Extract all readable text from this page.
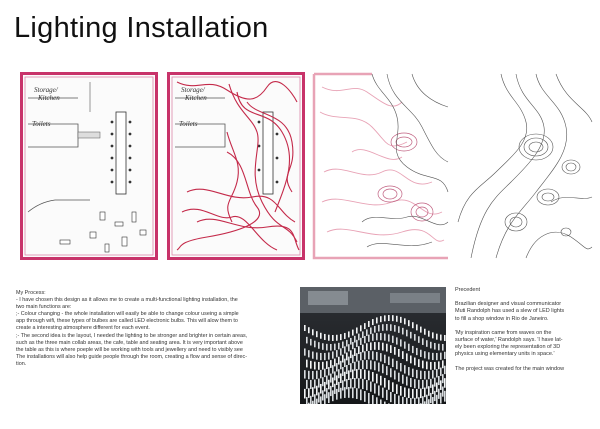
Lighting Installation
Storage/
Kitchen
Toilets
Storage/
Kitchen
Toilets

My Process:

- I have chosen this design as it allows me to create a multi-functional lighting installation, the

two main functions are:

;- Colour changing - the whole installation will easily be able to change colour useing a simple

app through wifi, these types of bulbes are called LED electronic bulbs. This will alow them to

create a interesting atmosphere different for each event.

;- The second idea is the layout, I needed the lighting to be stronger and brighter in certain areas,

such as the three main collab areas, the cafe, table and seating area. It is very important above

the table as this is where poeple will be working with tools and jewellery and need to visibly see

The installations will also help guide people through the room, creating a flow and sense of direc-

tion.

Precedent

Brazilian designer and visual communicator

Muti Randolph has used a slew of LED lights

to fill a shop window in Rio de Janeiro.

'My inspiration came from waves on the

surface of water,' Randolph says. 'I have lat-

ely been exploring the representation of 3D

physics using elementary units in space.'

The project was created for the main window
